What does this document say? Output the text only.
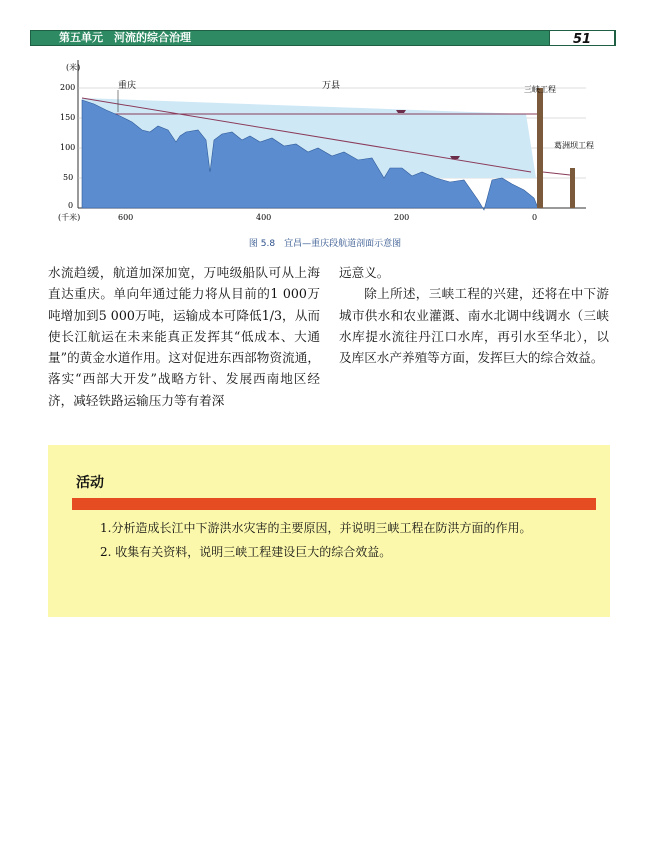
第五单元　河流的综合治理	51
(米)
200
150
100
50
0
(千米)	600	400	200	0
重庆	万县	三峡工程
葛洲坝工程
图 5.8　宜昌—重庆段航道剖面示意图

水流趋缓，航道加深加宽，万吨级船队可从上海直达重庆。单向年通过能力将从目前的1 000万吨增加到5 000万吨，运输成本可降低1/3，从而使长江航运在未来能真正发挥其“低成本、大通量”的黄金水道作用。这对促进东西部物资流通，落实“西部大开发”战略方针、发展西南地区经济，减轻铁路运输压力等有着深

远意义。

除上所述，三峡工程的兴建，还将在中下游城市供水和农业灌溉、南水北调中线调水（三峡水库提水流往丹江口水库，再引水至华北），以及库区水产养殖等方面，发挥巨大的综合效益。

活动
1.分析造成长江中下游洪水灾害的主要原因，并说明三峡工程在防洪方面的作用。
2. 收集有关资料，说明三峡工程建设巨大的综合效益。
